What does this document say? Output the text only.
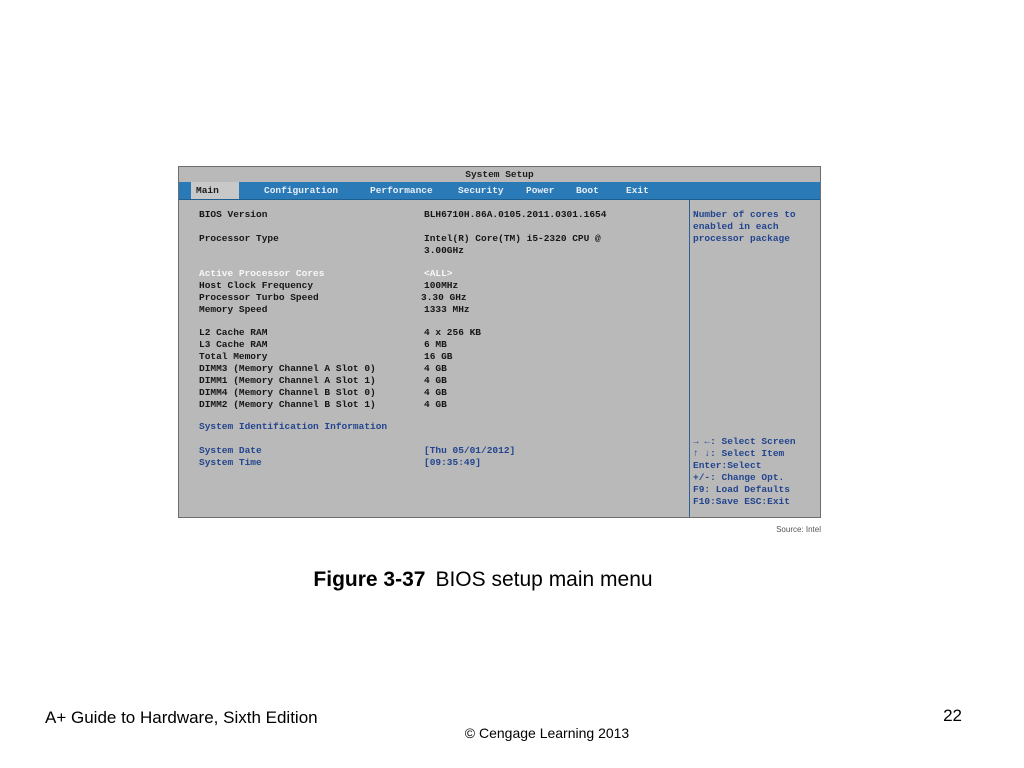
System Setup
Main	Configuration	Performance	Security	Power	Boot	Exit
BIOS Version	BLH6710H.86A.0105.2011.0301.1654
Processor Type	Intel(R) Core(TM) i5-2320 CPU @
3.00GHz
Active Processor Cores	<ALL>
Host Clock Frequency	100MHz
Processor Turbo Speed	3.30 GHz
Memory Speed	1333 MHz
L2 Cache RAM	4 x 256 KB
L3 Cache RAM	6 MB
Total Memory	16 GB
DIMM3 (Memory Channel A Slot 0)	4 GB
DIMM1 (Memory Channel A Slot 1)	4 GB
DIMM4 (Memory Channel B Slot 0)	4 GB
DIMM2 (Memory Channel B Slot 1)	4 GB
System Identification Information
System Date	[Thu 05/01/2012]
System Time	[09:35:49]
Number of cores to
enabled in each
processor package
→ ←: Select Screen
↑ ↓: Select Item
Enter:Select
+/-: Change Opt.
F9: Load Defaults
F10:Save ESC:Exit
Source: Intel
Figure 3-37 BIOS setup main menu
A+ Guide to Hardware, Sixth Edition
© Cengage Learning 2013
22
